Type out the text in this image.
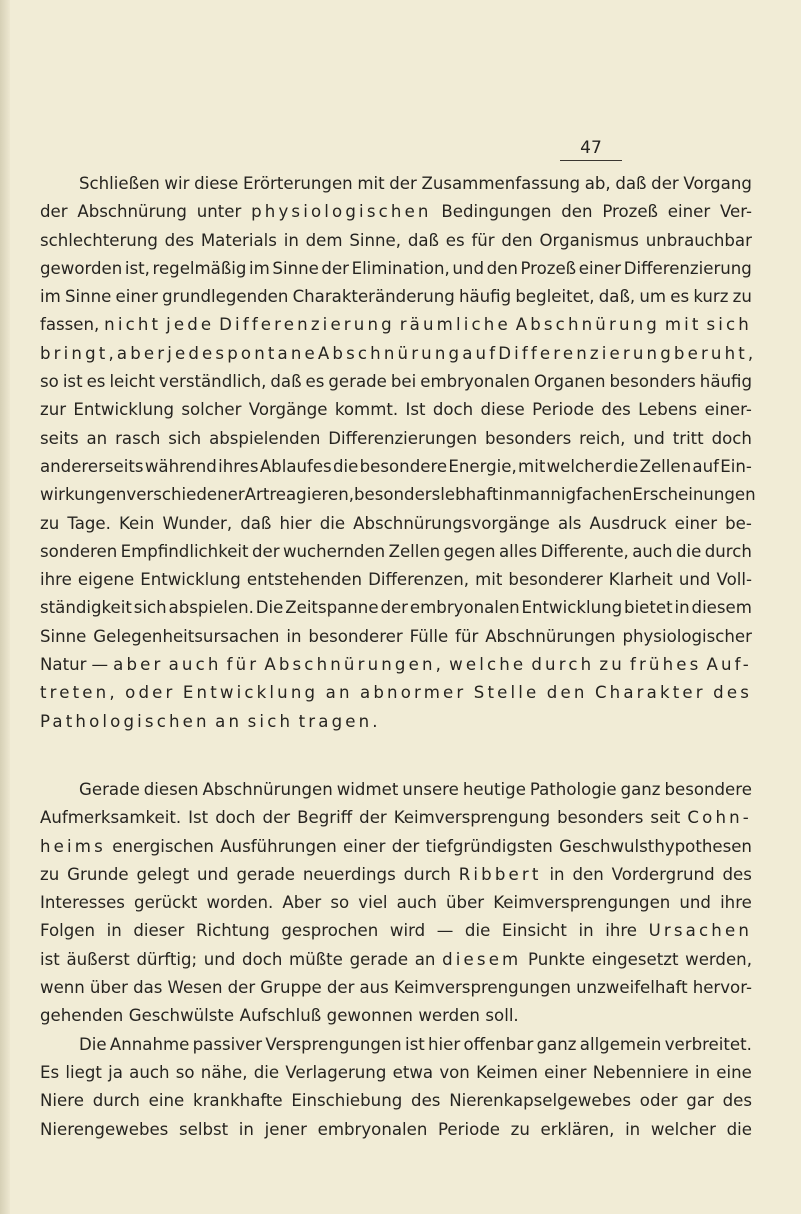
47
Schließen wir diese Erörterungen mit der Zusammenfassung ab, daß der Vorgang
der Abschnürung unter physiologischen Bedingungen den Prozeß einer Ver-
schlechterung des Materials in dem Sinne, daß es für den Organismus unbrauchbar
geworden ist, regelmäßig im Sinne der Elimination, und den Prozeß einer Differenzierung
im Sinne einer grundlegenden Charakteränderung häufig begleitet, daß, um es kurz zu
fassen, nicht jede Differenzierung räumliche Abschnürung mit sich
bringt, aber jede spontane Abschnürung auf Differenzierung beruht,
so ist es leicht verständlich, daß es gerade bei embryonalen Organen besonders häufig
zur Entwicklung solcher Vorgänge kommt. Ist doch diese Periode des Lebens einer-
seits an rasch sich abspielenden Differenzierungen besonders reich, und tritt doch
andererseits während ihres Ablaufes die besondere Energie, mit welcher die Zellen auf Ein-
wirkungen verschiedener Art reagieren, besonders lebhaft in mannigfachen Erscheinungen
zu Tage. Kein Wunder, daß hier die Abschnürungsvorgänge als Ausdruck einer be-
sonderen Empfindlichkeit der wuchernden Zellen gegen alles Differente, auch die durch
ihre eigene Entwicklung entstehenden Differenzen, mit besonderer Klarheit und Voll-
ständigkeit sich abspielen. Die Zeitspanne der embryonalen Entwicklung bietet in diesem
Sinne Gelegenheitsursachen in besonderer Fülle für Abschnürungen physiologischer
Natur — aber auch für Abschnürungen, welche durch zu frühes Auf-
treten, oder Entwicklung an abnormer Stelle den Charakter des
Pathologischen an sich tragen.
Gerade diesen Abschnürungen widmet unsere heutige Pathologie ganz besondere
Aufmerksamkeit. Ist doch der Begriff der Keimversprengung besonders seit Cohn-
heims energischen Ausführungen einer der tiefgründigsten Geschwulsthypothesen
zu Grunde gelegt und gerade neuerdings durch Ribbert in den Vordergrund des
Interesses gerückt worden. Aber so viel auch über Keimversprengungen und ihre
Folgen in dieser Richtung gesprochen wird — die Einsicht in ihre Ursachen
ist äußerst dürftig; und doch müßte gerade an diesem Punkte eingesetzt werden,
wenn über das Wesen der Gruppe der aus Keimversprengungen unzweifelhaft hervor-
gehenden Geschwülste Aufschluß gewonnen werden soll.
Die Annahme passiver Versprengungen ist hier offenbar ganz allgemein verbreitet.
Es liegt ja auch so nähe, die Verlagerung etwa von Keimen einer Nebenniere in eine
Niere durch eine krankhafte Einschiebung des Nierenkapselgewebes oder gar des
Nierengewebes selbst in jener embryonalen Periode zu erklären, in welcher die
